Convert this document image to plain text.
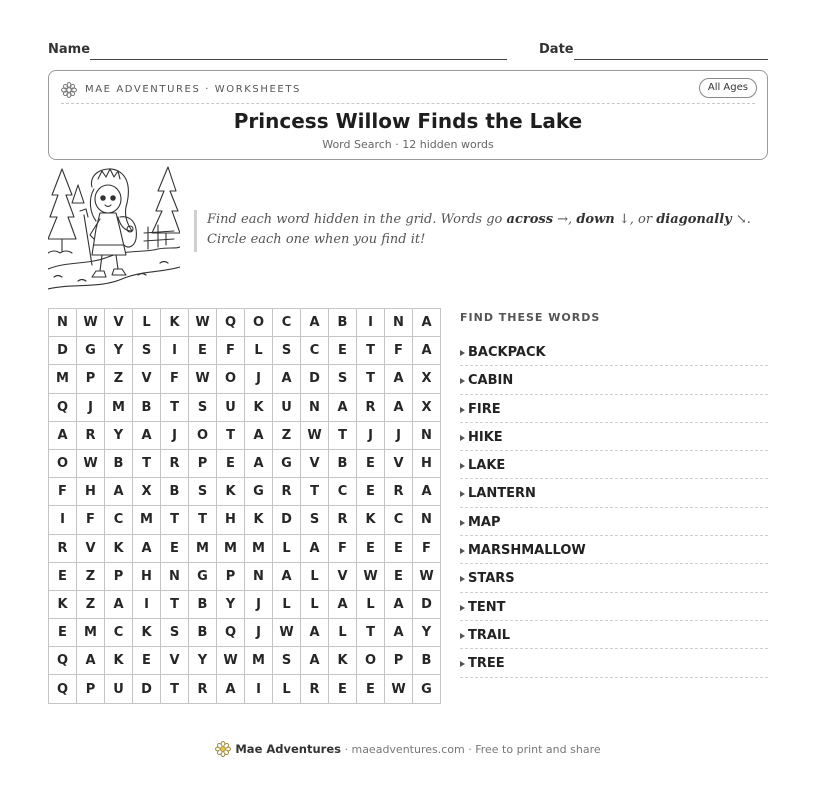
Name	Date
MAE ADVENTURES · WORKSHEETS	All Ages
Princess Willow Finds the Lake
Word Search · 12 hidden words
Find each word hidden in the grid. Words go across →, down ↓, or diagonally ↘. Circle each one when you find it!
N	W	V	L	K	W	Q	O	C	A	B	I	N	A
D	G	Y	S	I	E	F	L	S	C	E	T	F	A
M	P	Z	V	F	W	O	J	A	D	S	T	A	X
Q	J	M	B	T	S	U	K	U	N	A	R	A	X
A	R	Y	A	J	O	T	A	Z	W	T	J	J	N
O	W	B	T	R	P	E	A	G	V	B	E	V	H
F	H	A	X	B	S	K	G	R	T	C	E	R	A
I	F	C	M	T	T	H	K	D	S	R	K	C	N
R	V	K	A	E	M	M	M	L	A	F	E	E	F
E	Z	P	H	N	G	P	N	A	L	V	W	E	W
K	Z	A	I	T	B	Y	J	L	L	A	L	A	D
E	M	C	K	S	B	Q	J	W	A	L	T	A	Y
Q	A	K	E	V	Y	W	M	S	A	K	O	P	B
Q	P	U	D	T	R	A	I	L	R	E	E	W	G
FIND THESE WORDS
BACKPACK
CABIN
FIRE
HIKE
LAKE
LANTERN
MAP
MARSHMALLOW
STARS
TENT
TRAIL
TREE
Mae Adventures · maeadventures.com · Free to print and share
